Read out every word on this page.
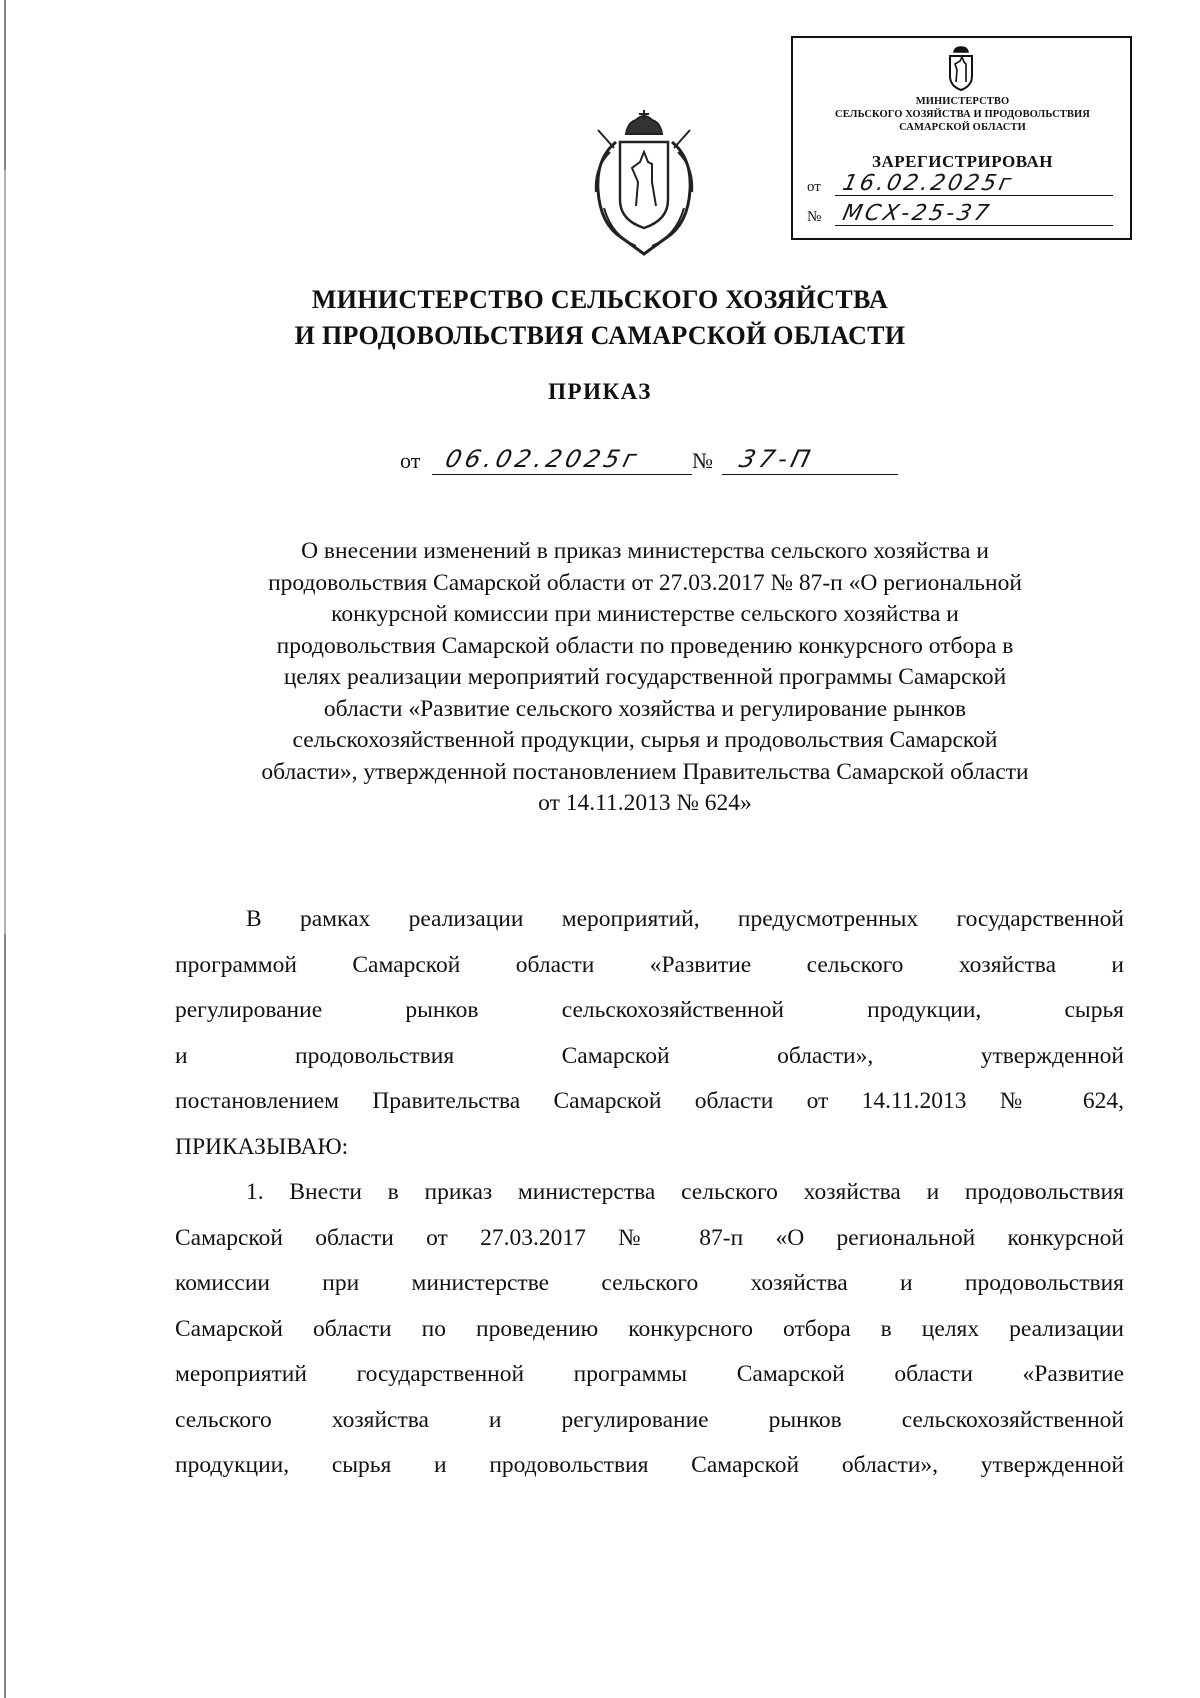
МИНИСТЕРСТВО
СЕЛЬСКОГО ХОЗЯЙСТВА И ПРОДОВОЛЬСТВИЯ
САМАРСКОЙ ОБЛАСТИ
ЗАРЕГИСТРИРОВАН
от 16.02.2025г
№ МСХ-25-37
МИНИСТЕРСТВО СЕЛЬСКОГО ХОЗЯЙСТВА
И ПРОДОВОЛЬСТВИЯ САМАРСКОЙ ОБЛАСТИ
ПРИКАЗ
от 06.02.2025г № 37-П
О внесении изменений в приказ министерства сельского хозяйства и
продовольствия Самарской области от 27.03.2017 № 87-п «О региональной
конкурсной комиссии при министерстве сельского хозяйства и
продовольствия Самарской области по проведению конкурсного отбора в
целях реализации мероприятий государственной программы Самарской
области «Развитие сельского хозяйства и регулирование рынков
сельскохозяйственной продукции, сырья и продовольствия Самарской
области», утвержденной постановлением Правительства Самарской области
от 14.11.2013 № 624»
В рамках реализации мероприятий, предусмотренных государственной
программой Самарской области «Развитие сельского хозяйства и
регулирование рынков сельскохозяйственной продукции, сырья
и продовольствия Самарской области», утвержденной
постановлением Правительства Самарской области от 14.11.2013 № 624,
ПРИКАЗЫВАЮ:
1. Внести в приказ министерства сельского хозяйства и продовольствия
Самарской области от 27.03.2017 № 87-п «О региональной конкурсной
комиссии при министерстве сельского хозяйства и продовольствия
Самарской области по проведению конкурсного отбора в целях реализации
мероприятий государственной программы Самарской области «Развитие
сельского хозяйства и регулирование рынков сельскохозяйственной
продукции, сырья и продовольствия Самарской области», утвержденной
